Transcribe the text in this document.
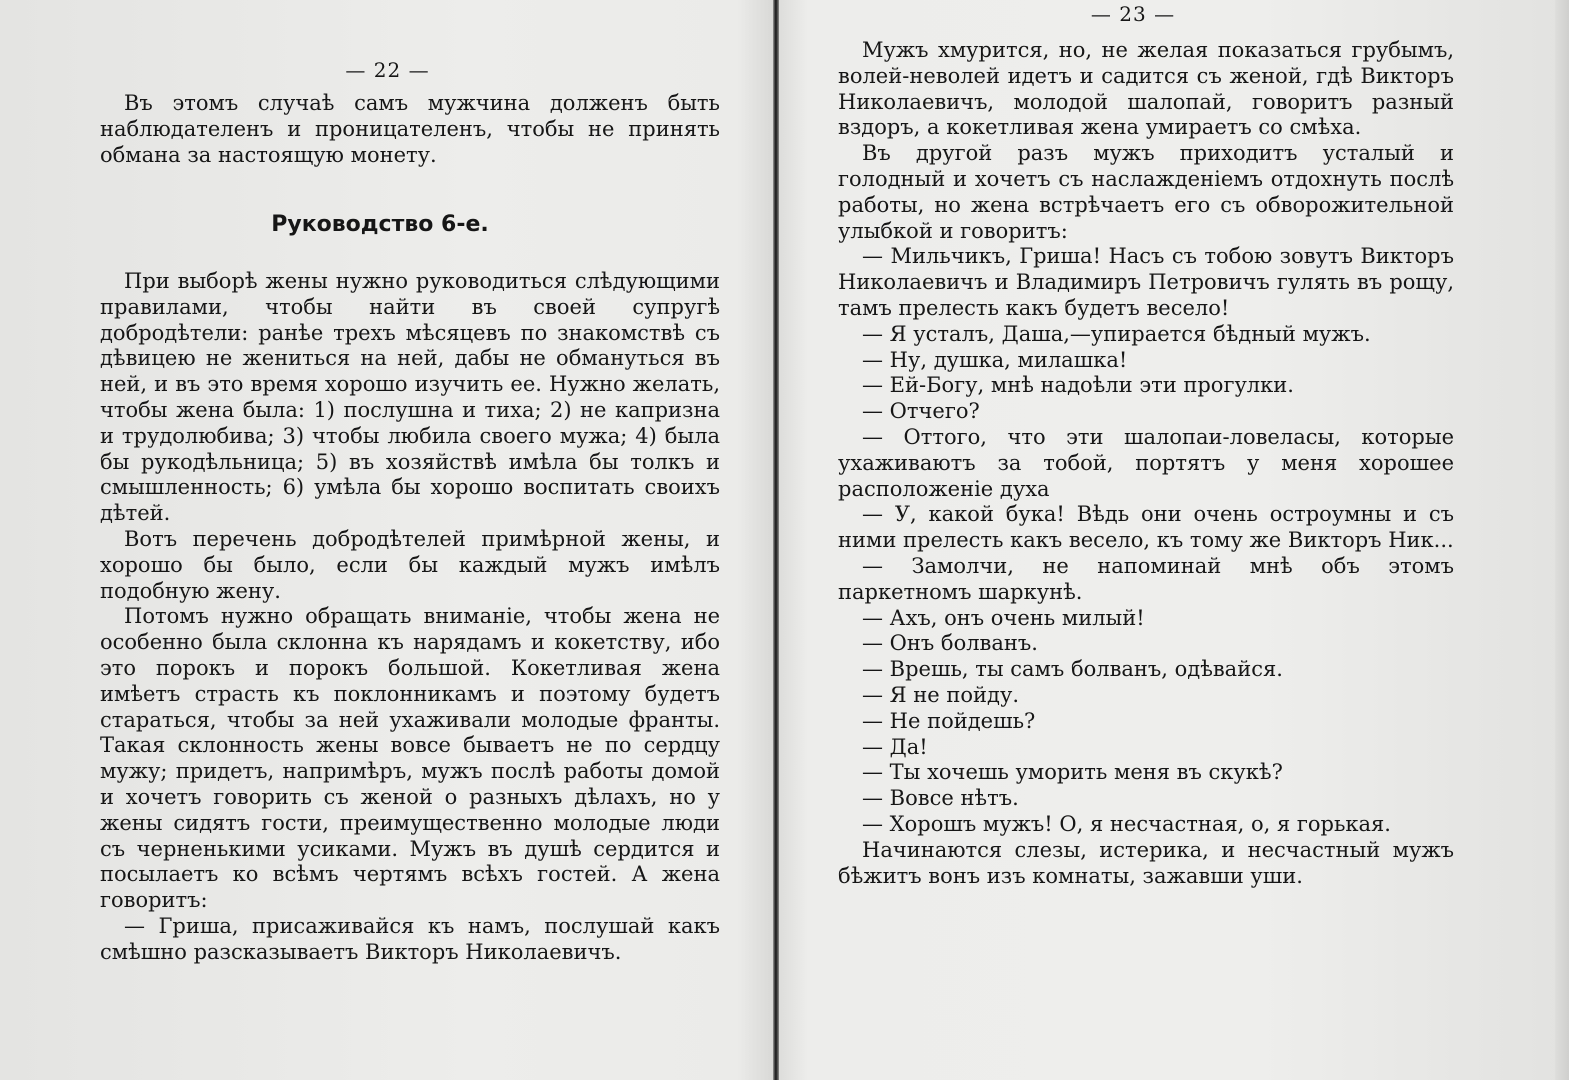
— 22 —

Въ этомъ случаѣ самъ мужчина долженъ быть наблюдателенъ и проницателенъ, чтобы не принять обмана за настоящую монету.

Руководство 6-е.

При выборѣ жены нужно руководиться слѣдующими правилами, чтобы найти въ своей супругѣ добродѣтели: ранѣе трехъ мѣсяцевъ по знакомствѣ съ дѣвицею не жениться на ней, дабы не обмануться въ ней, и въ это время хорошо изучить ее. Нужно желать, чтобы жена была: 1) послушна и тиха; 2) не капризна и трудолюбива; 3) чтобы любила своего мужа; 4) была бы рукодѣльница; 5) въ хозяйствѣ имѣла бы толкъ и смышленность; 6) умѣла бы хорошо воспитать своихъ дѣтей.

Вотъ перечень добродѣтелей примѣрной жены, и хорошо бы было, если бы каждый мужъ имѣлъ подобную жену.

Потомъ нужно обращать вниманіе, чтобы жена не особенно была склонна къ нарядамъ и кокетству, ибо это порокъ и порокъ большой. Кокетливая жена имѣетъ страсть къ поклонникамъ и поэтому будетъ стараться, чтобы за ней ухаживали молодые франты. Такая склонность жены вовсе бываетъ не по сердцу мужу; придетъ, напримѣръ, мужъ послѣ работы домой и хочетъ говорить съ женой о разныхъ дѣлахъ, но у жены сидятъ гости, преимущественно молодые люди съ черненькими усиками. Мужъ въ душѣ сердится и посылаетъ ко всѣмъ чертямъ всѣхъ гостей. А жена говоритъ:

— Гриша, присаживайся къ намъ, послушай какъ смѣшно разсказываетъ Викторъ Николаевичъ.

— 23 —

Мужъ хмурится, но, не желая показаться грубымъ, волей-неволей идетъ и садится съ женой, гдѣ Викторъ Николаевичъ, молодой шалопай, говоритъ разный вздоръ, а кокетливая жена умираетъ со смѣха.

Въ другой разъ мужъ приходитъ усталый и голодный и хочетъ съ наслажденіемъ отдохнуть послѣ работы, но жена встрѣчаетъ его съ обворожительной улыбкой и говоритъ:

— Мильчикъ, Гриша! Насъ съ тобою зовутъ Викторъ Николаевичъ и Владимиръ Петровичъ гулять въ рощу, тамъ прелесть какъ будетъ весело!

— Я усталъ, Даша,—упирается бѣдный мужъ.

— Ну, душка, милашка!

— Ей-Богу, мнѣ надоѣли эти прогулки.

— Отчего?

— Оттого, что эти шалопаи-ловеласы, которые ухаживаютъ за тобой, портятъ у меня хорошее расположеніе духа

— У, какой бука! Вѣдь они очень остроумны и съ ними прелесть какъ весело, къ тому же Викторъ Ник...

— Замолчи, не напоминай мнѣ объ этомъ паркетномъ шаркунѣ.

— Ахъ, онъ очень милый!

— Онъ болванъ.

— Врешь, ты самъ болванъ, одѣвайся.

— Я не пойду.

— Не пойдешь?

— Да!

— Ты хочешь уморить меня въ скукѣ?

— Вовсе нѣтъ.

— Хорошъ мужъ! О, я несчастная, о, я горькая.

Начинаются слезы, истерика, и несчастный мужъ бѣжитъ вонъ изъ комнаты, зажавши уши.
